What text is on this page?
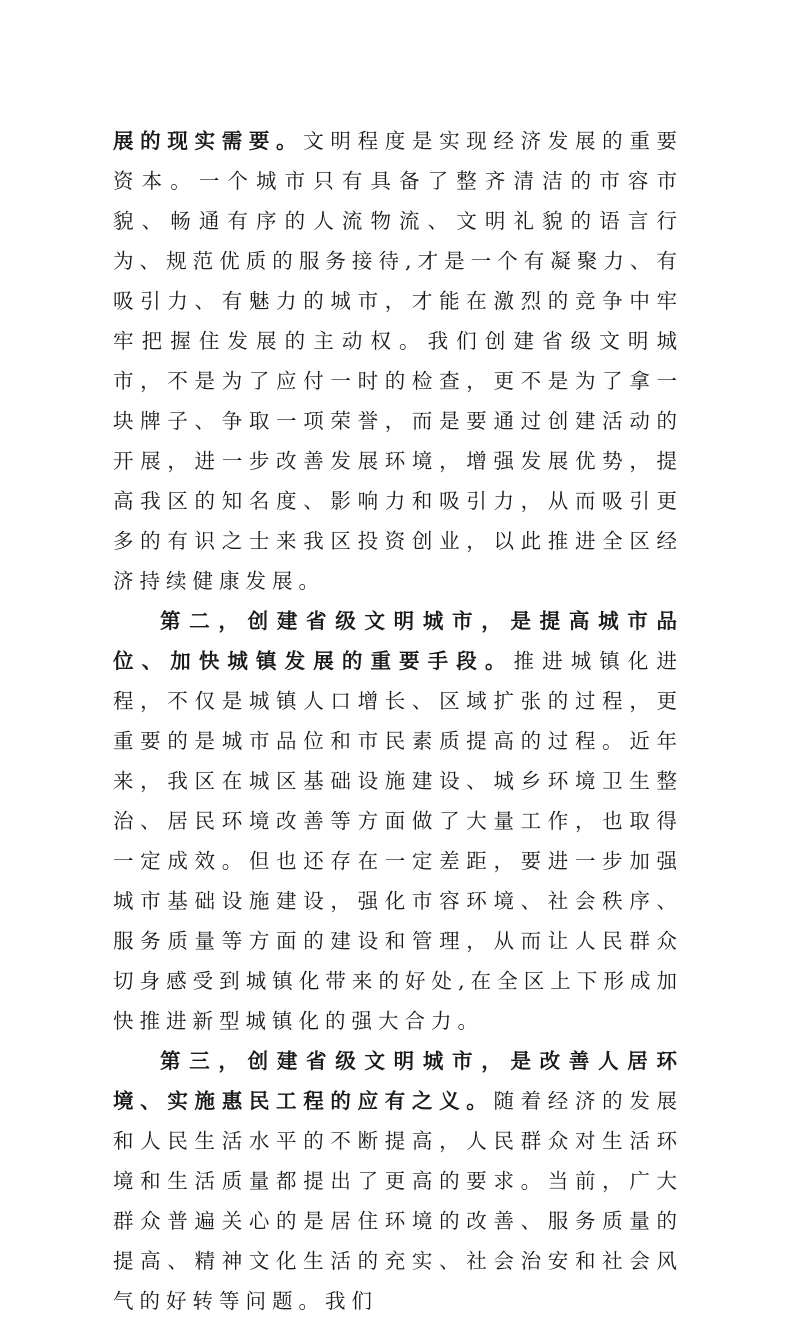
展的现实需要。文明程度是实现经济发展的重要资本。一个城市只有具备了整齐清洁的市容市貌、畅通有序的人流物流、文明礼貌的语言行为、规范优质的服务接待,才是一个有凝聚力、有吸引力、有魅力的城市，才能在激烈的竞争中牢牢把握住发展的主动权。我们创建省级文明城市，不是为了应付一时的检查，更不是为了拿一块牌子、争取一项荣誉，而是要通过创建活动的开展，进一步改善发展环境，增强发展优势，提高我区的知名度、影响力和吸引力，从而吸引更多的有识之士来我区投资创业，以此推进全区经济持续健康发展。

第二，创建省级文明城市，是提高城市品位、加快城镇发展的重要手段。推进城镇化进程，不仅是城镇人口增长、区域扩张的过程，更重要的是城市品位和市民素质提高的过程。近年来，我区在城区基础设施建设、城乡环境卫生整治、居民环境改善等方面做了大量工作，也取得一定成效。但也还存在一定差距，要进一步加强城市基础设施建设，强化市容环境、社会秩序、服务质量等方面的建设和管理，从而让人民群众切身感受到城镇化带来的好处,在全区上下形成加快推进新型城镇化的强大合力。

第三，创建省级文明城市，是改善人居环境、实施惠民工程的应有之义。随着经济的发展和人民生活水平的不断提高，人民群众对生活环境和生活质量都提出了更高的要求。当前，广大群众普遍关心的是居住环境的改善、服务质量的提高、精神文化生活的充实、社会治安和社会风气的好转等问题。我们
